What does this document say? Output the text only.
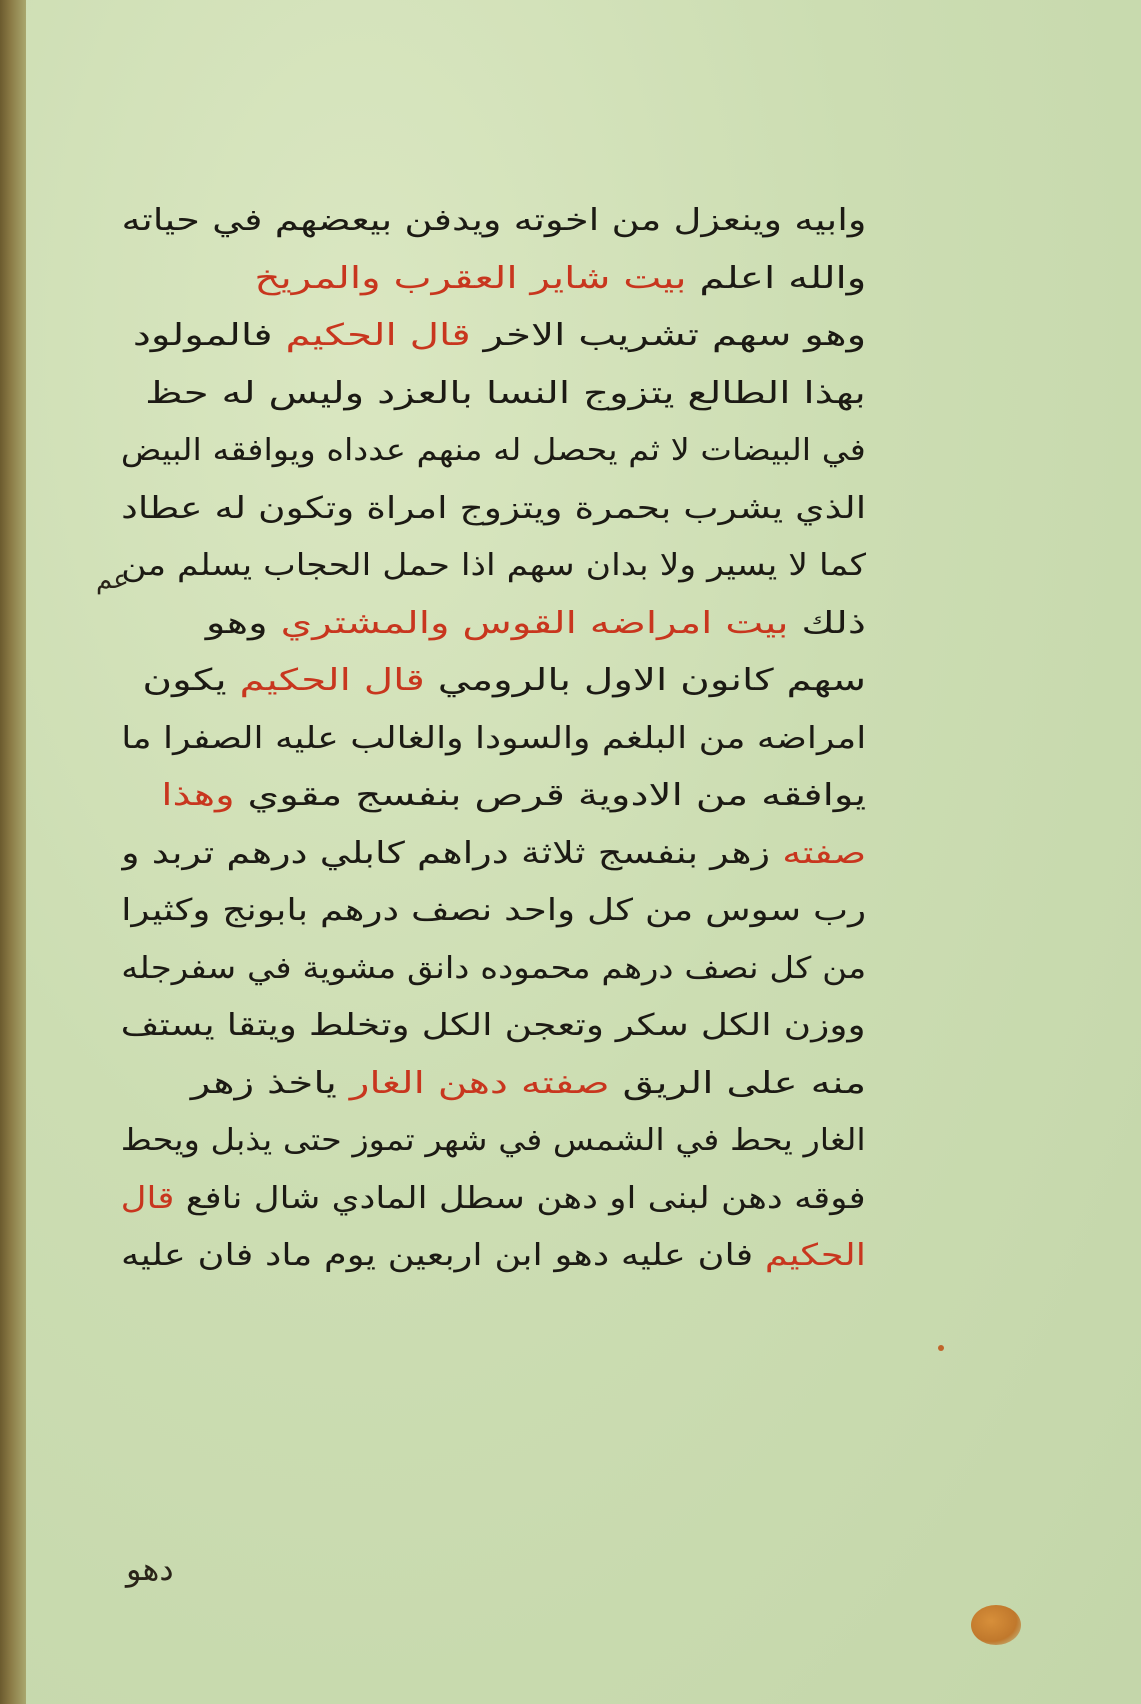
وابيه وينعزل من اخوته ويدفن بيعضهم في حياته
والله اعلم بيت شاير العقرب والمريخ
وهو سهم تشريب الاخر قال الحكيم فالمولود
بهذا الطالع يتزوج النسا بالعزد وليس له حظ
في البيضات لا ثم يحصل له منهم عدداه ويوافقه البيض
الذي يشرب بحمرة ويتزوج امراة وتكون له عطاد
كما لا يسير ولا بدان سهم اذا حمل الحجاب يسلم من
ذلك بيت امراضه القوس والمشتري وهو
سهم كانون الاول بالرومي قال الحكيم يكون
امراضه من البلغم والسودا والغالب عليه الصفرا ما
يوافقه من الادوية قرص بنفسج مقوي وهذا
صفته زهر بنفسج ثلاثة دراهم كابلي درهم تربد و
رب سوس من كل واحد نصف درهم بابونج وكثيرا
من كل نصف درهم محموده دانق مشوية في سفرجله
ووزن الكل سكر وتعجن الكل وتخلط ويتقا يستف
منه على الريق صفته دهن الغار ياخذ زهر
الغار يحط في الشمس في شهر تموز حتى يذبل ويحط
فوقه دهن لبنى او دهن سطل المادي شال نافع قال
الحكيم فان عليه دهو ابن اربعين يوم ماد فان عليه
عم
دهو
